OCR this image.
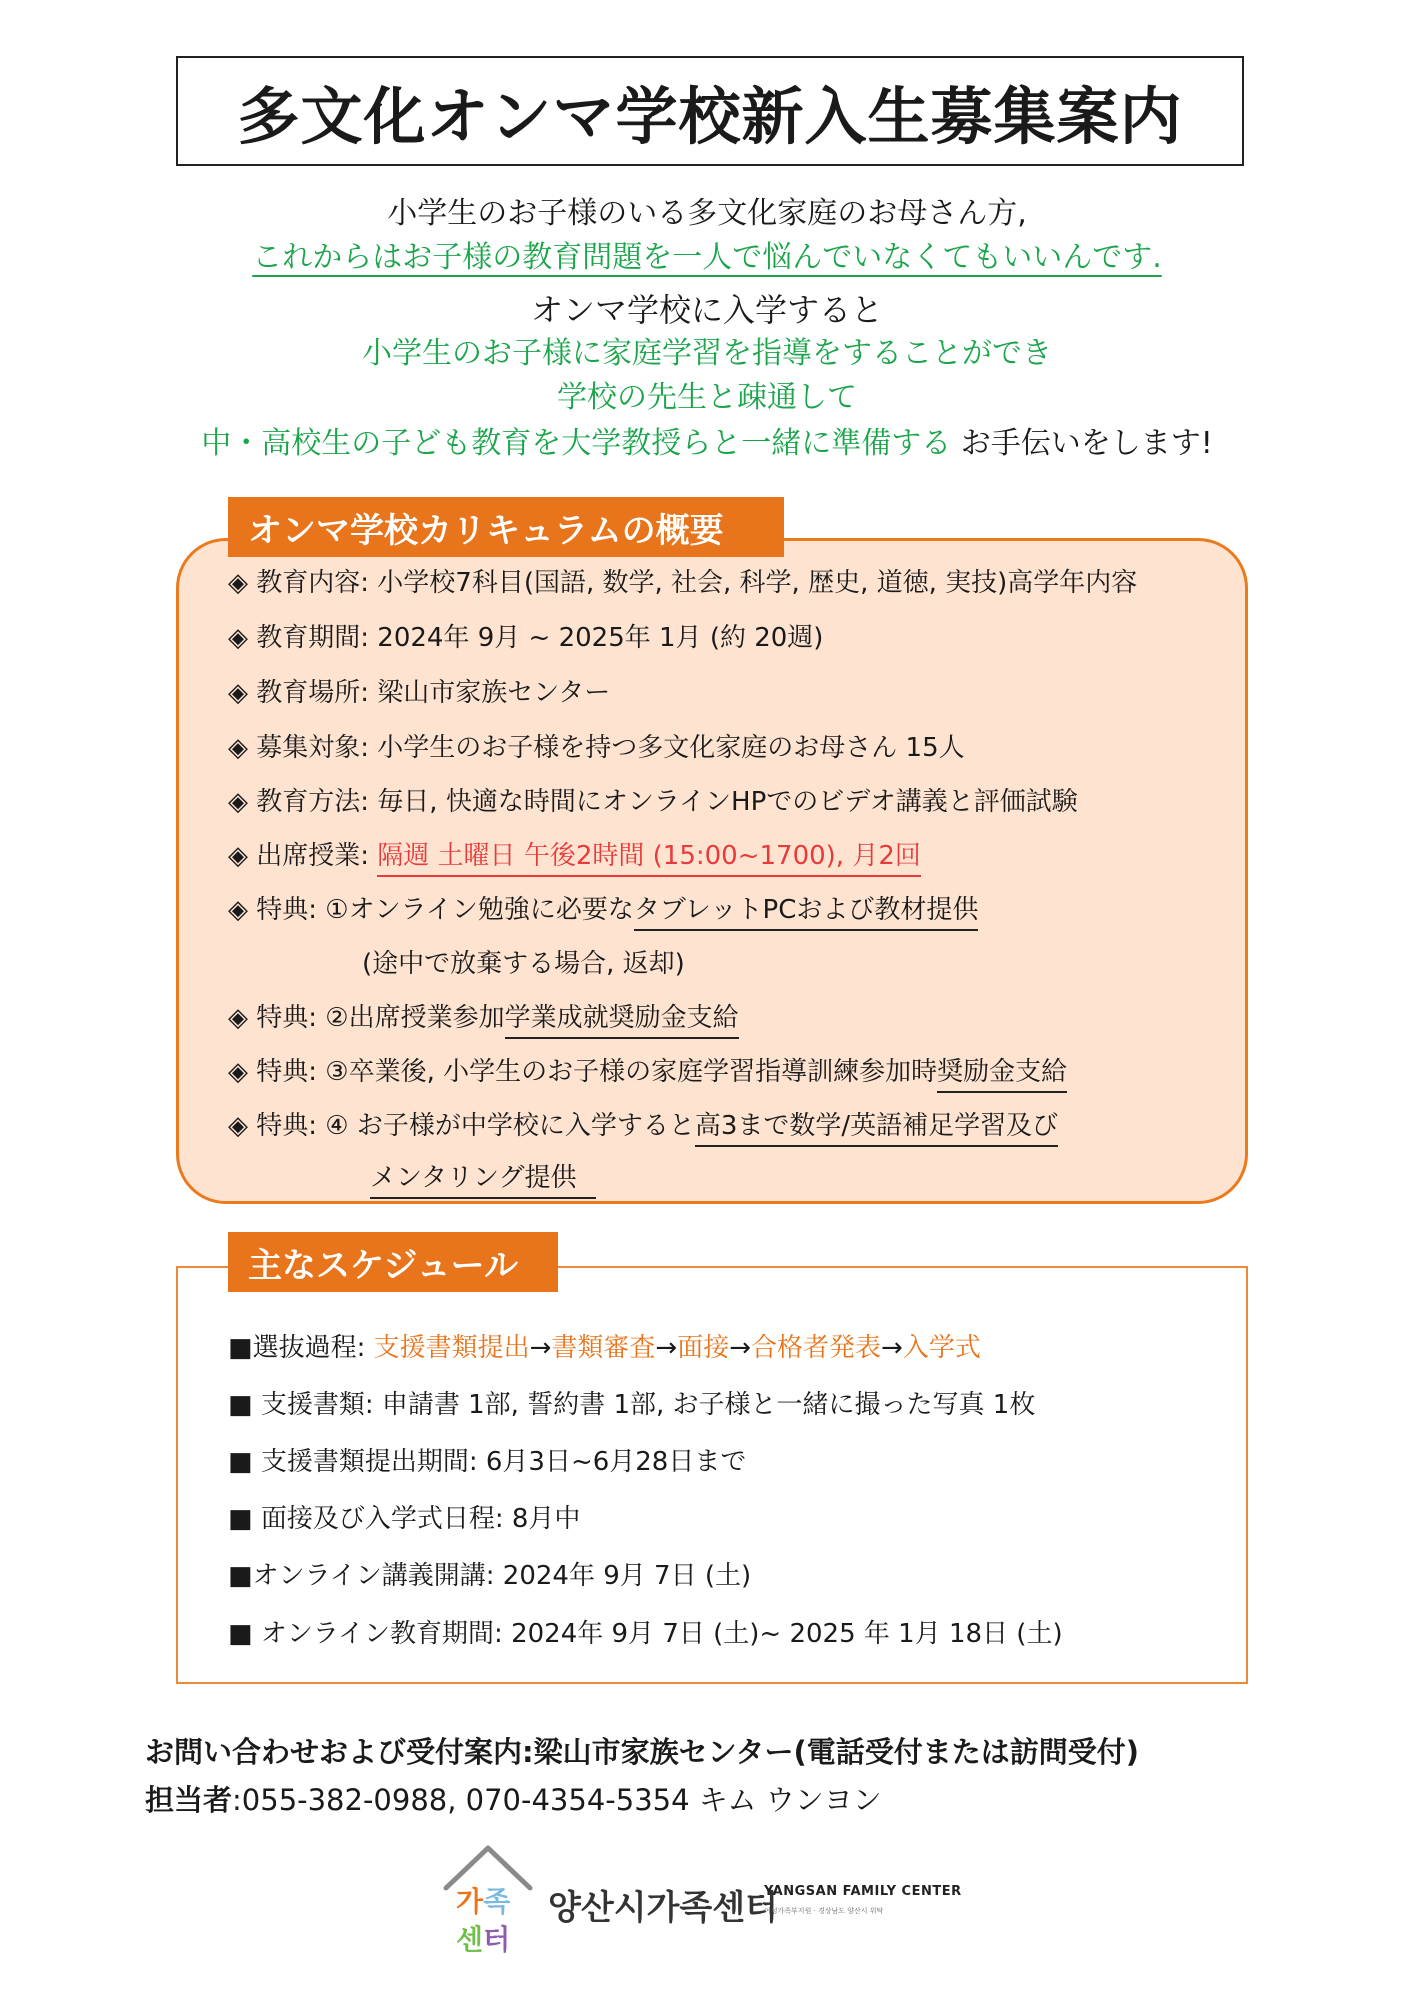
多文化オンマ学校新入生募集案内
小学生のお子様のいる多文化家庭のお母さん方,
これからはお子様の教育問題を一人で悩んでいなくてもいいんです.
オンマ学校に入学すると
小学生のお子様に家庭学習を指導をすることができ
学校の先生と疎通して
中・高校生の子ども教育を大学教授らと一緒に準備する お手伝いをします!
オンマ学校カリキュラムの概要
◈ 教育内容: 小学校7科目(国語, 数学, 社会, 科学, 歴史, 道徳, 実技)高学年内容
◈ 教育期間: 2024年 9月 ~ 2025年 1月 (約 20週)
◈ 教育場所: 梁山市家族センター
◈ 募集対象: 小学生のお子様を持つ多文化家庭のお母さん 15人
◈ 教育方法: 毎日, 快適な時間にオンラインHPでのビデオ講義と評価試験
◈ 出席授業: 隔週 土曜日 午後2時間 (15:00~1700), 月2回
◈ 特典: ①オンライン勉強に必要なタブレットPCおよび教材提供
(途中で放棄する場合, 返却)
◈ 特典: ②出席授業参加学業成就奨励金支給
◈ 特典: ③卒業後, 小学生のお子様の家庭学習指導訓練参加時奨励金支給
◈ 特典: ④ お子様が中学校に入学すると高3まで数学/英語補足学習及び
メンタリング提供
主なスケジュール
■選抜過程: 支援書類提出→書類審査→面接→合格者発表→入学式
■ 支援書類: 申請書 1部, 誓約書 1部, お子様と一緒に撮った写真 1枚
■ 支援書類提出期間: 6月3日~6月28日まで
■ 面接及び入学式日程: 8月中
■オンライン講義開講: 2024年 9月 7日 (土)
■ オンライン教育期間: 2024年 9月 7日 (土)~ 2025 年 1月 18日 (土)
お問い合わせおよび受付案内:梁山市家族センター(電話受付または訪問受付)
担当者:055-382-0988, 070-4354-5354 キム ウンヨン
가족
센터
양산시가족센터
YANGSAN FAMILY CENTER
여성가족부지원 · 경상남도 양산시 위탁
